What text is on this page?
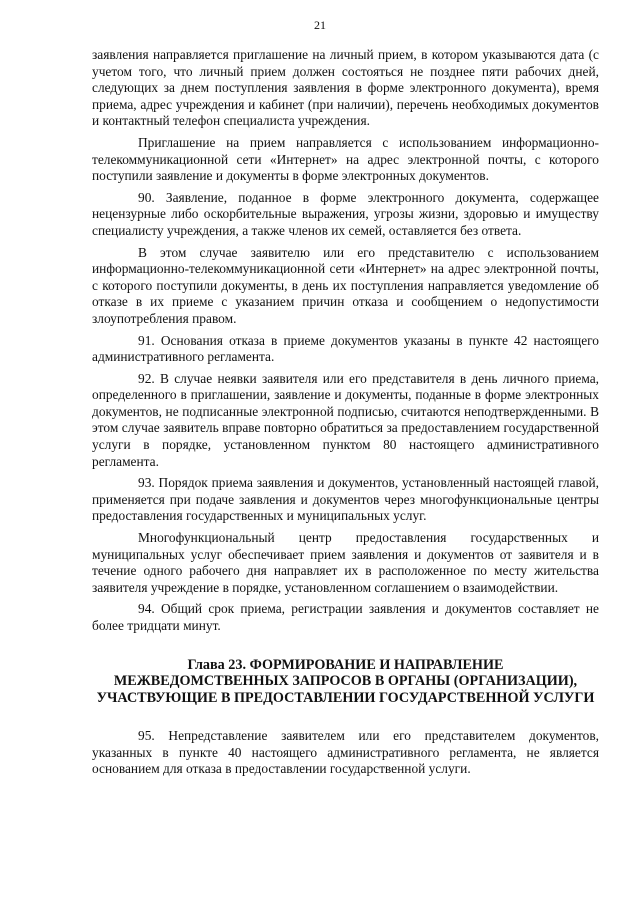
21

заявления направляется приглашение на личный прием, в котором указываются дата (с учетом того, что личный прием должен состояться не позднее пяти рабочих дней, следующих за днем поступления заявления в форме электронного документа), время приема, адрес учреждения и кабинет (при наличии), перечень необходимых документов и контактный телефон специалиста учреждения.

Приглашение на прием направляется с использованием информационно-телекоммуникационной сети «Интернет» на адрес электронной почты, с которого поступили заявление и документы в форме электронных документов.

90. Заявление, поданное в форме электронного документа, содержащее нецензурные либо оскорбительные выражения, угрозы жизни, здоровью и имуществу специалисту учреждения, а также членов их семей, оставляется без ответа.

В этом случае заявителю или его представителю с использованием информационно-телекоммуникационной сети «Интернет» на адрес электронной почты, с которого поступили документы, в день их поступления направляется уведомление об отказе в их приеме с указанием причин отказа и сообщением о недопустимости злоупотребления правом.

91. Основания отказа в приеме документов указаны в пункте 42 настоящего административного регламента.

92. В случае неявки заявителя или его представителя в день личного приема, определенного в приглашении, заявление и документы, поданные в форме электронных документов, не подписанные электронной подписью, считаются неподтвержденными. В этом случае заявитель вправе повторно обратиться за предоставлением государственной услуги в порядке, установленном пунктом 80 настоящего административного регламента.

93. Порядок приема заявления и документов, установленный настоящей главой, применяется при подаче заявления и документов через многофункциональные центры предоставления государственных и муниципальных услуг.

Многофункциональный центр предоставления государственных и муниципальных услуг обеспечивает прием заявления и документов от заявителя и в течение одного рабочего дня направляет их в расположенное по месту жительства заявителя учреждение в порядке, установленном соглашением о взаимодействии.

94. Общий срок приема, регистрации заявления и документов составляет не более тридцати минут.

Глава 23. ФОРМИРОВАНИЕ И НАПРАВЛЕНИЕ
МЕЖВЕДОМСТВЕННЫХ ЗАПРОСОВ В ОРГАНЫ (ОРГАНИЗАЦИИ),
УЧАСТВУЮЩИЕ В ПРЕДОСТАВЛЕНИИ ГОСУДАРСТВЕННОЙ УСЛУГИ

95. Непредставление заявителем или его представителем документов, указанных в пункте 40 настоящего административного регламента, не является основанием для отказа в предоставлении государственной услуги.
